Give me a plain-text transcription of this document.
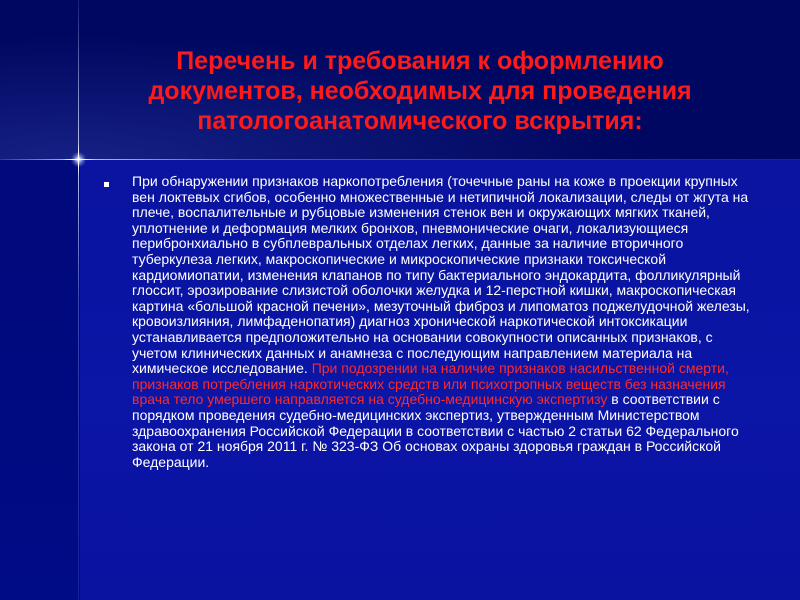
Перечень и требования к оформлению документов, необходимых для проведения патологоанатомического вскрытия:

При обнаружении признаков наркопотребления (точечные раны на коже в проекции крупных вен локтевых сгибов, особенно множественные и нетипичной локализации, следы от жгута на плече, воспалительные и рубцовые изменения стенок вен и окружающих мягких тканей, уплотнение и деформация мелких бронхов, пневмонические очаги, локализующиеся перибронхиально в субплевральных отделах легких, данные за наличие вторичного туберкулеза легких, макроскопические и микроскопические признаки токсической кардиомиопатии, изменения клапанов по типу бактериального эндокардита, фолликулярный глоссит, эрозирование слизистой оболочки желудка и 12-перстной кишки, макроскопическая картина «большой красной печени», мезуточный фиброз и липоматоз поджелудочной железы, кровоизлияния, лимфаденопатия) диагноз хронической наркотической интоксикации устанавливается предположительно на основании совокупности описанных признаков, с учетом клинических данных и анамнеза с последующим направлением материала на химическое исследование. При подозрении на наличие признаков насильственной смерти, признаков потребления наркотических средств или психотропных веществ без назначения врача тело умершего направляется на судебно-медицинскую экспертизу в соответствии с порядком проведения судебно-медицинских экспертиз, утвержденным Министерством здравоохранения Российской Федерации в соответствии с частью 2 статьи 62 Федерального закона от 21 ноября 2011 г. № 323-ФЗ Об основах охраны здоровья граждан в Российской Федерации.
